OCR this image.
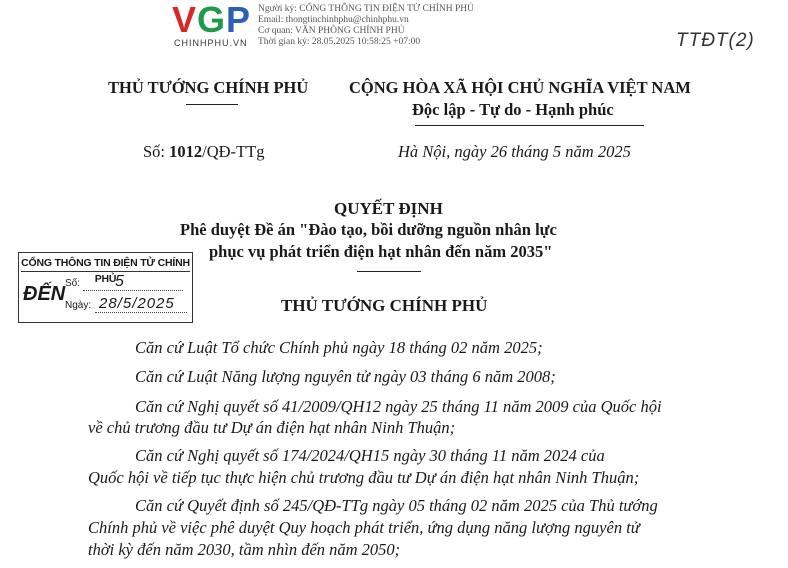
VGP
CHINHPHU.VN
Người ký: CỔNG THÔNG TIN ĐIỆN TỬ CHÍNH PHỦ
Email: thongtinchinhphu@chinhphu.vn
Cơ quan: VĂN PHÒNG CHÍNH PHỦ
Thời gian ký: 28.05.2025 10:58:25 +07:00	TTĐT(2)
THỦ TƯỚNG CHÍNH PHỦ CỘNG HÒA XÃ HỘI CHỦ NGHĨA VIỆT NAM
Độc lập - Tự do - Hạnh phúc
Số: 1012/QĐ-TTg	Hà Nội, ngày 26 tháng 5 năm 2025
QUYẾT ĐỊNH
Phê duyệt Đề án "Đào tạo, bồi dưỡng nguồn nhân lực
phục vụ phát triển điện hạt nhân đến năm 2035"
CỔNG THÔNG TIN ĐIỆN TỬ CHÍNH PHỦ
ĐẾN Số: 5
Ngày: 28/5/2025	THỦ TƯỚNG CHÍNH PHỦ
Căn cứ Luật Tổ chức Chính phủ ngày 18 tháng 02 năm 2025;
Căn cứ Luật Năng lượng nguyên tử ngày 03 tháng 6 năm 2008;
Căn cứ Nghị quyết số 41/2009/QH12 ngày 25 tháng 11 năm 2009 của Quốc hội
về chủ trương đầu tư Dự án điện hạt nhân Ninh Thuận;
Căn cứ Nghị quyết số 174/2024/QH15 ngày 30 tháng 11 năm 2024 của
Quốc hội về tiếp tục thực hiện chủ trương đầu tư Dự án điện hạt nhân Ninh Thuận;
Căn cứ Quyết định số 245/QĐ-TTg ngày 05 tháng 02 năm 2025 của Thủ tướng
Chính phủ về việc phê duyệt Quy hoạch phát triển, ứng dụng năng lượng nguyên tử
thời kỳ đến năm 2030, tầm nhìn đến năm 2050;
